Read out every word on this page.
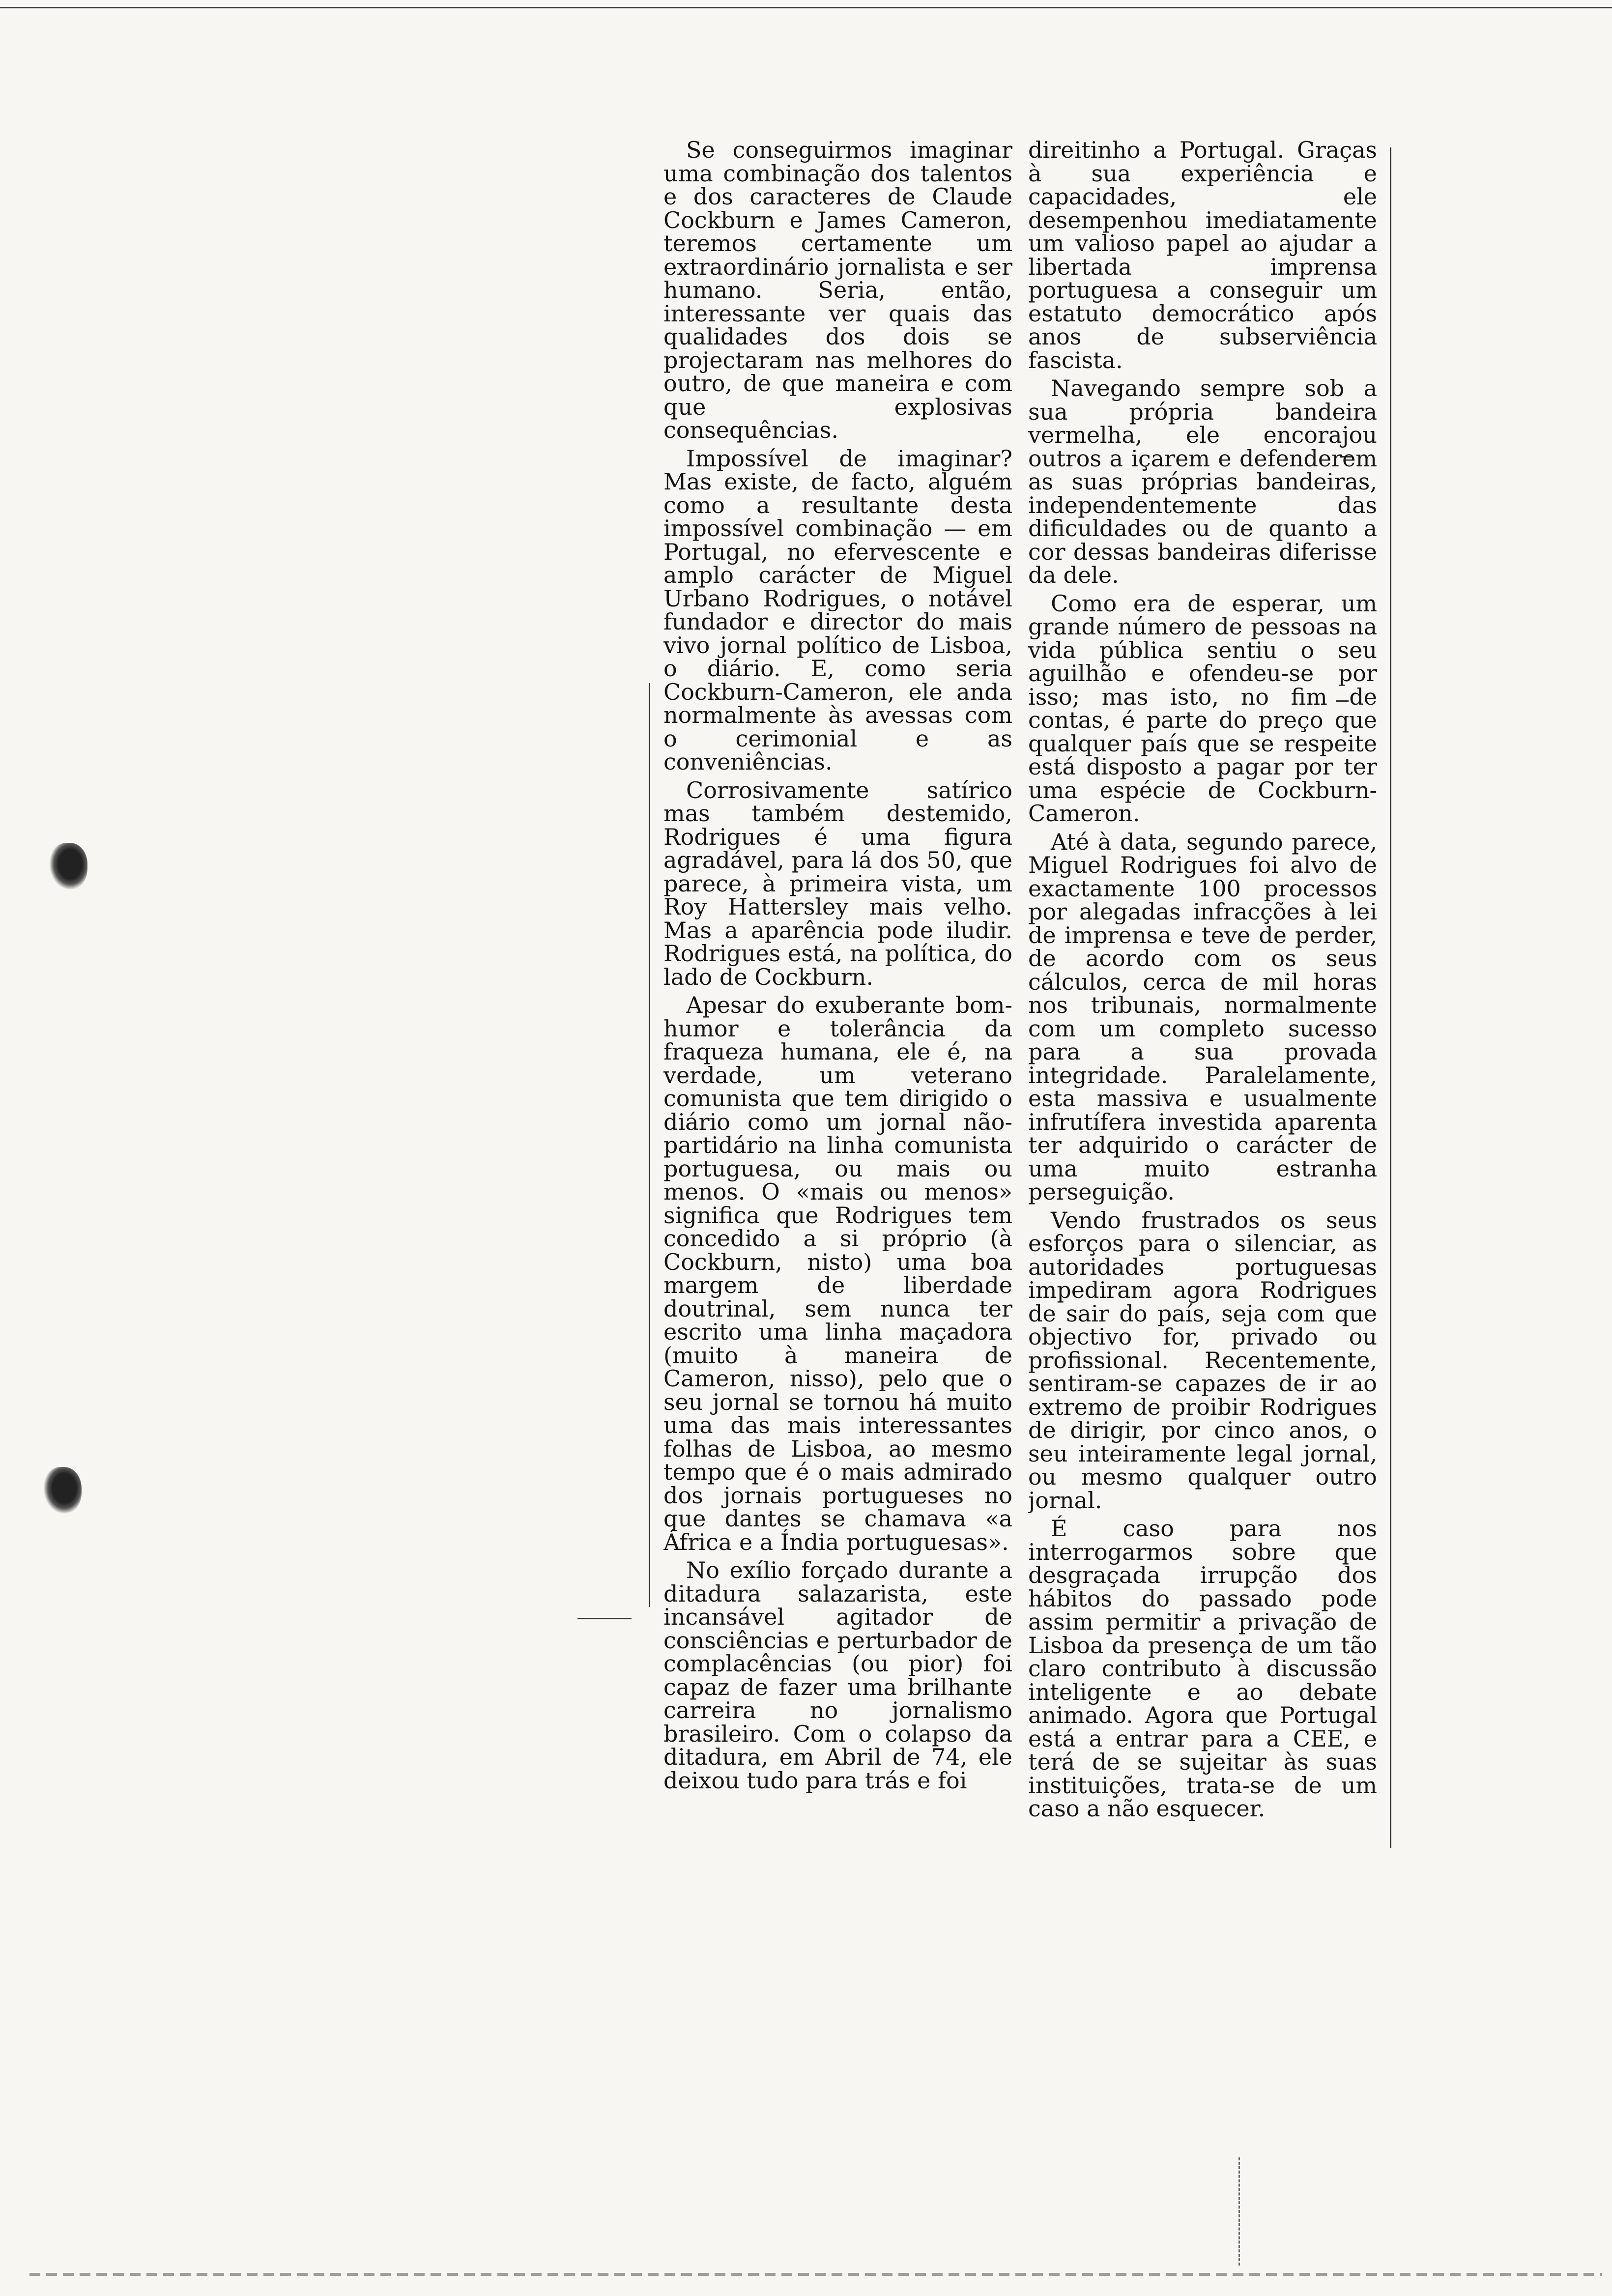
Se conseguirmos imaginar uma combinação dos talentos e dos caracteres de Claude Cockburn e James Cameron, teremos certamente um extraordinário jornalista e ser humano. Seria, então, interessante ver quais das qualidades dos dois se projectaram nas melhores do outro, de que maneira e com que explosivas consequências.

Impossível de imaginar? Mas existe, de facto, alguém como a resultante desta impossível combinação — em Portugal, no efervescente e amplo carácter de Miguel Urbano Rodrigues, o notável fundador e director do mais vivo jornal político de Lisboa, o diário. E, como seria Cockburn-Cameron, ele anda normalmente às avessas com o cerimonial e as conveniências.

Corrosivamente satírico mas também destemido, Rodrigues é uma figura agradável, para lá dos 50, que parece, à primeira vista, um Roy Hattersley mais velho. Mas a aparência pode iludir. Rodrigues está, na política, do lado de Cockburn.

Apesar do exuberante bom-humor e tolerância da fraqueza humana, ele é, na verdade, um veterano comunista que tem dirigido o diário como um jornal não-partidário na linha comunista portuguesa, ou mais ou menos. O «mais ou menos» significa que Rodrigues tem concedido a si próprio (à Cockburn, nisto) uma boa margem de liberdade doutrinal, sem nunca ter escrito uma linha maçadora (muito à maneira de Cameron, nisso), pelo que o seu jornal se tornou há muito uma das mais interessantes folhas de Lisboa, ao mesmo tempo que é o mais admirado dos jornais portugueses no que dantes se chamava «a África e a Índia portuguesas».

No exílio forçado durante a ditadura salazarista, este incansável agitador de consciências e perturbador de complacências (ou pior) foi capaz de fazer uma brilhante carreira no jornalismo brasileiro. Com o colapso da ditadura, em Abril de 74, ele deixou tudo para trás e foi

direitinho a Portugal. Graças à sua experiência e capacidades, ele desempenhou imediatamente um valioso papel ao ajudar a libertada imprensa portuguesa a conseguir um estatuto democrático após anos de subserviência fascista.

Navegando sempre sob a sua própria bandeira vermelha, ele encorajou outros a içarem e defenderem as suas próprias bandeiras, independentemente das dificuldades ou de quanto a cor dessas bandeiras diferisse da dele.

Como era de esperar, um grande número de pessoas na vida pública sentiu o seu aguilhão e ofendeu-se por isso; mas isto, no fim de contas, é parte do preço que qualquer país que se respeite está disposto a pagar por ter uma espécie de Cockburn-Cameron.

Até à data, segundo parece, Miguel Rodrigues foi alvo de exactamente 100 processos por alegadas infracções à lei de imprensa e teve de perder, de acordo com os seus cálculos, cerca de mil horas nos tribunais, normalmente com um completo sucesso para a sua provada integridade. Paralelamente, esta massiva e usualmente infrutífera investida aparenta ter adquirido o carácter de uma muito estranha perseguição.

Vendo frustrados os seus esforços para o silenciar, as autoridades portuguesas impediram agora Rodrigues de sair do país, seja com que objectivo for, privado ou profissional. Recentemente, sentiram-se capazes de ir ao extremo de proibir Rodrigues de dirigir, por cinco anos, o seu inteiramente legal jornal, ou mesmo qualquer outro jornal.

É caso para nos interrogarmos sobre que desgraçada irrupção dos hábitos do passado pode assim permitir a privação de Lisboa da presença de um tão claro contributo à discussão inteligente e ao debate animado. Agora que Portugal está a entrar para a CEE, e terá de se sujeitar às suas instituições, trata-se de um caso a não esquecer.
